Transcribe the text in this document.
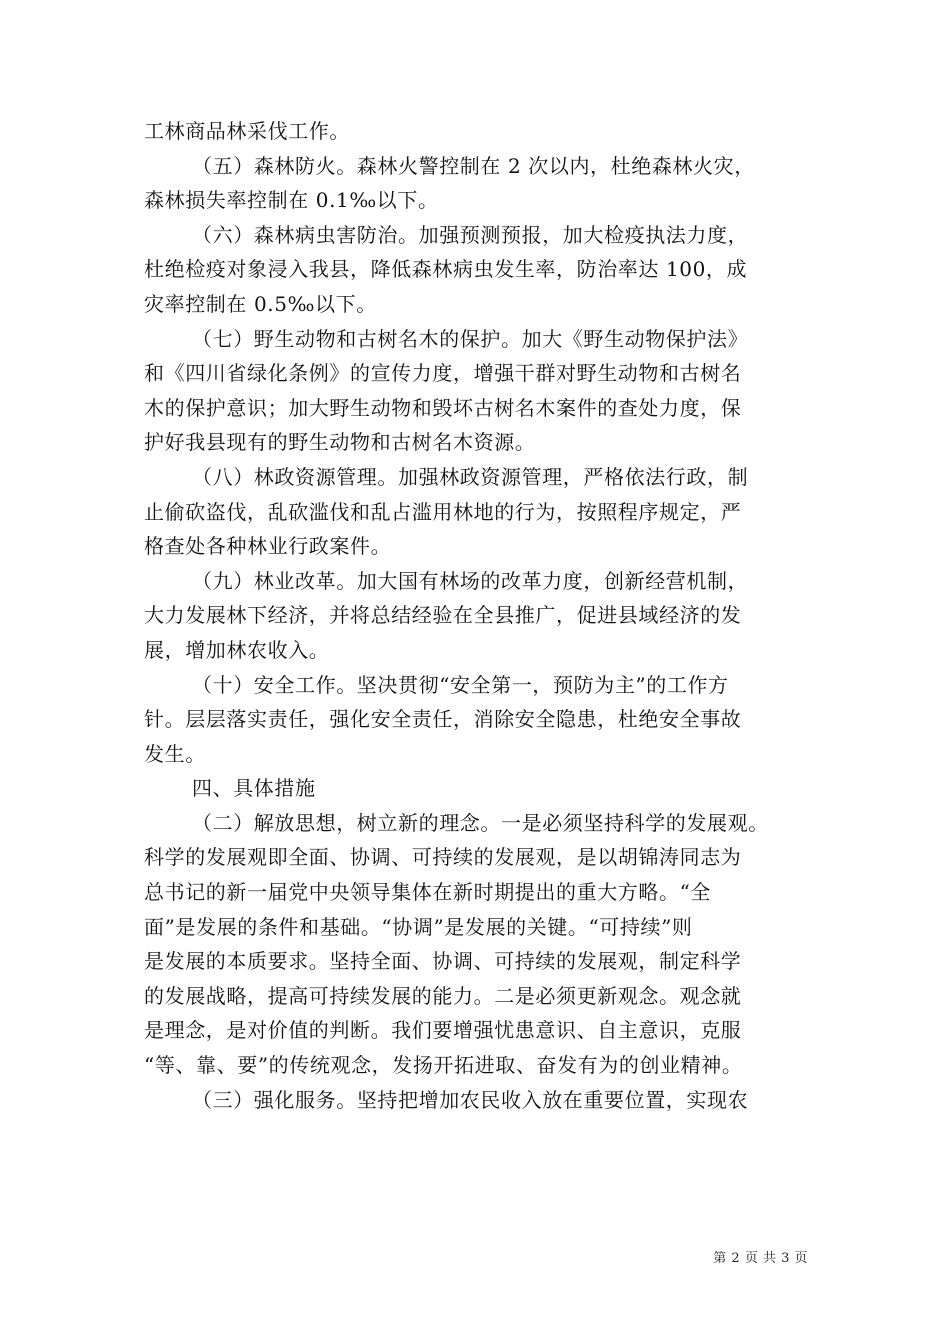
工林商品林采伐工作。
（五）森林防火。森林火警控制在 2 次以内，杜绝森林火灾，
森林损失率控制在 0.1‰以下。
（六）森林病虫害防治。加强预测预报，加大检疫执法力度，
杜绝检疫对象浸入我县，降低森林病虫发生率，防治率达 100，成
灾率控制在 0.5‰以下。
（七）野生动物和古树名木的保护。加大《野生动物保护法》
和《四川省绿化条例》的宣传力度，增强干群对野生动物和古树名
木的保护意识；加大野生动物和毁坏古树名木案件的查处力度，保
护好我县现有的野生动物和古树名木资源。
（八）林政资源管理。加强林政资源管理，严格依法行政，制
止偷砍盗伐，乱砍滥伐和乱占滥用林地的行为，按照程序规定，严
格查处各种林业行政案件。
（九）林业改革。加大国有林场的改革力度，创新经营机制，
大力发展林下经济，并将总结经验在全县推广，促进县域经济的发
展，增加林农收入。
（十）安全工作。坚决贯彻“安全第一，预防为主”的工作方
针。层层落实责任，强化安全责任，消除安全隐患，杜绝安全事故
发生。
四、具体措施
（二）解放思想，树立新的理念。一是必须坚持科学的发展观。
科学的发展观即全面、协调、可持续的发展观，是以胡锦涛同志为
总书记的新一届党中央领导集体在新时期提出的重大方略。“全
面”是发展的条件和基础。“协调”是发展的关键。“可持续”则
是发展的本质要求。坚持全面、协调、可持续的发展观，制定科学
的发展战略，提高可持续发展的能力。二是必须更新观念。观念就
是理念，是对价值的判断。我们要增强忧患意识、自主意识，克服
“等、靠、要”的传统观念，发扬开拓进取、奋发有为的创业精神。
（三）强化服务。坚持把增加农民收入放在重要位置，实现农
第 2 页 共 3 页
